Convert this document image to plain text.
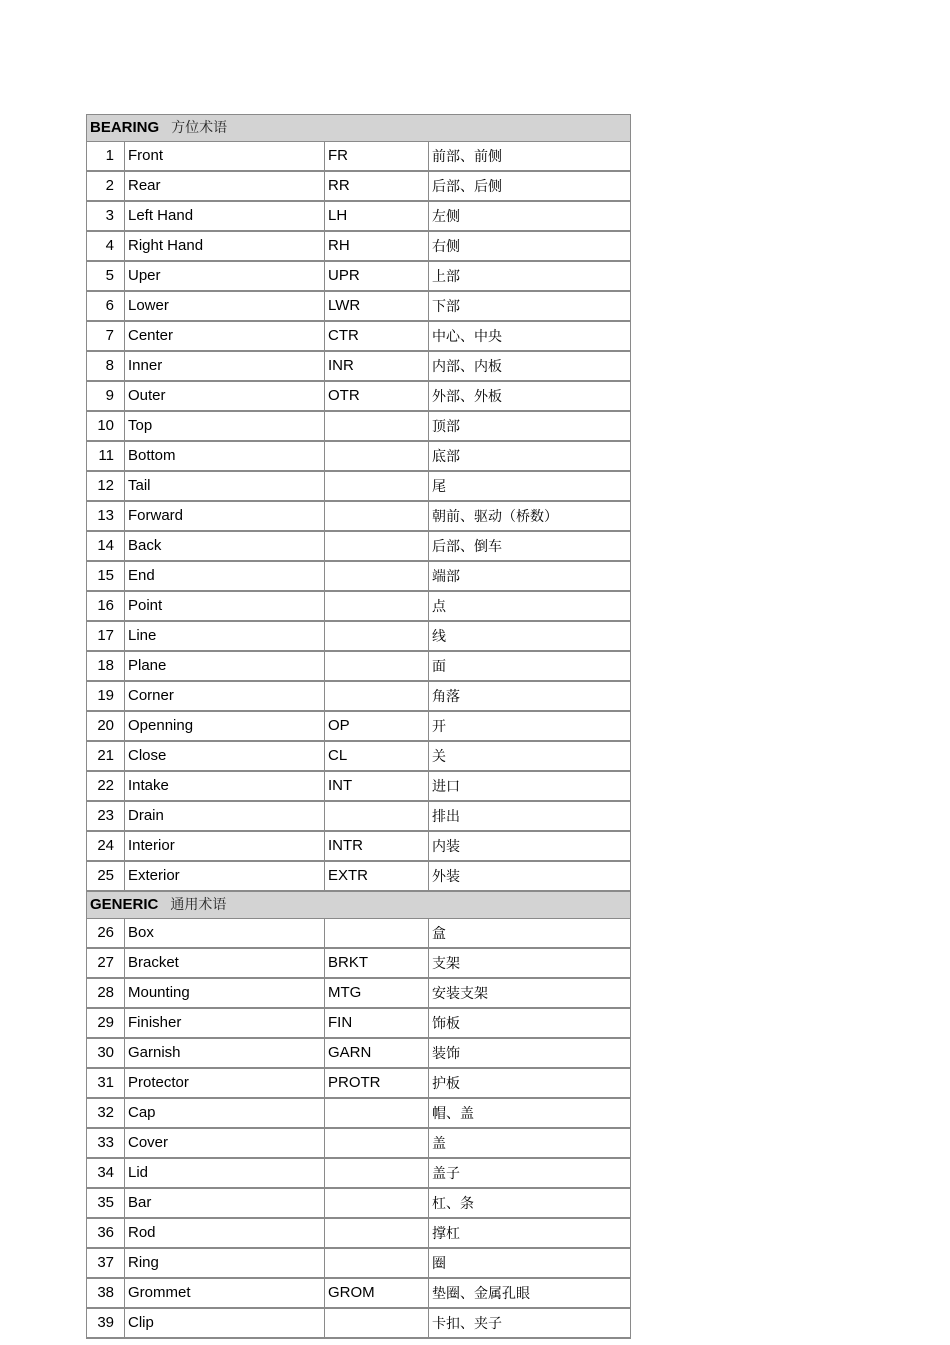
BEARING 方位术语			
1	Front	FR	前部、前侧
2	Rear	RR	后部、后侧
3	Left Hand	LH	左侧
4	Right Hand	RH	右侧
5	Uper	UPR	上部
6	Lower	LWR	下部
7	Center	CTR	中心、中央
8	Inner	INR	内部、内板
9	Outer	OTR	外部、外板
10	Top		顶部
11	Bottom		底部
12	Tail		尾
13	Forward		朝前、驱动（桥数）
14	Back		后部、倒车
15	End		端部
16	Point		点
17	Line		线
18	Plane		面
19	Corner		角落
20	Openning	OP	开
21	Close	CL	关
22	Intake	INT	进口
23	Drain		排出
24	Interior	INTR	内装
25	Exterior	EXTR	外装
GENERIC 通用术语			
26	Box		盒
27	Bracket	BRKT	支架
28	Mounting	MTG	安装支架
29	Finisher	FIN	饰板
30	Garnish	GARN	装饰
31	Protector	PROTR	护板
32	Cap		帽、盖
33	Cover		盖
34	Lid		盖子
35	Bar		杠、条
36	Rod		撑杠
37	Ring		圈
38	Grommet	GROM	垫圈、金属孔眼
39	Clip		卡扣、夹子
